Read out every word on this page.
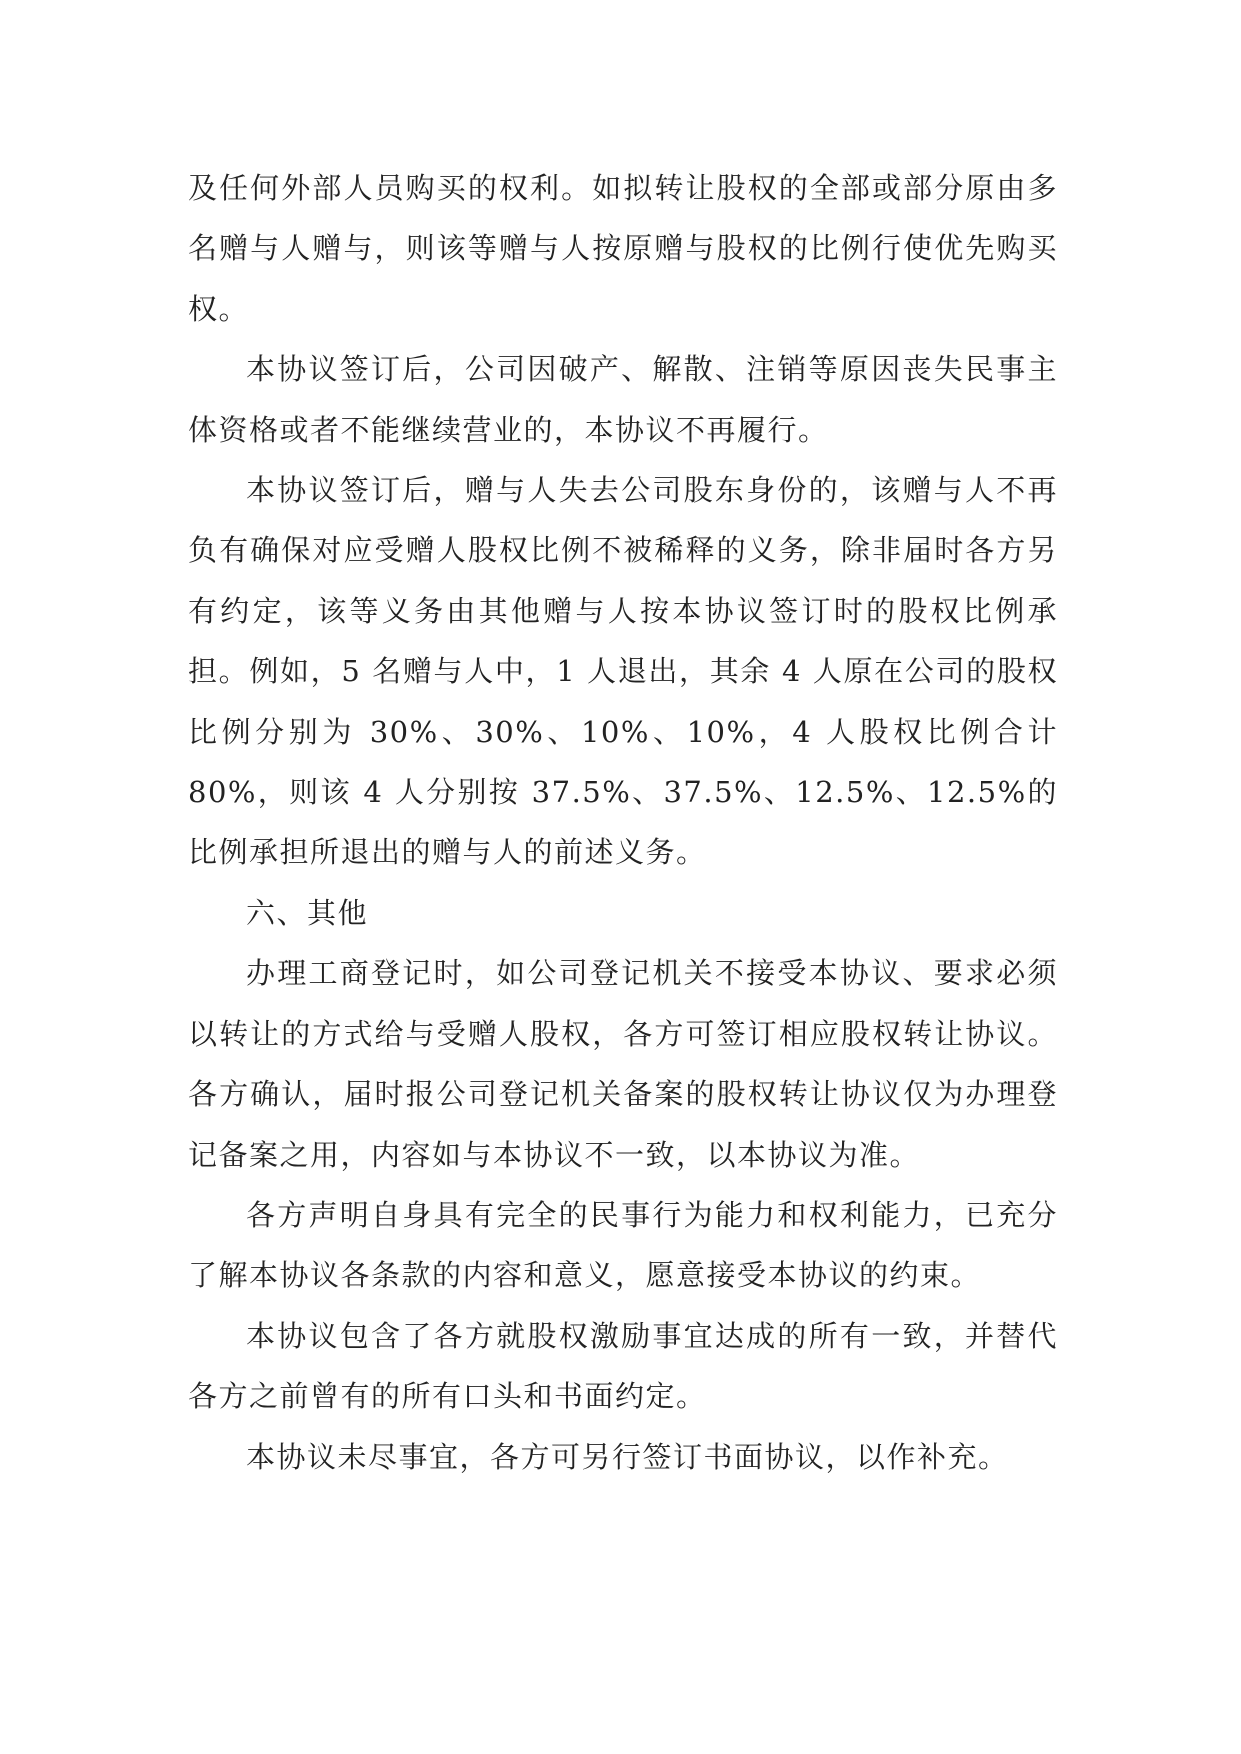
及任何外部人员购买的权利。如拟转让股权的全部或部分原由多名赠与人赠与，则该等赠与人按原赠与股权的比例行使优先购买权。

本协议签订后，公司因破产、解散、注销等原因丧失民事主体资格或者不能继续营业的，本协议不再履行。

本协议签订后，赠与人失去公司股东身份的，该赠与人不再负有确保对应受赠人股权比例不被稀释的义务，除非届时各方另有约定，该等义务由其他赠与人按本协议签订时的股权比例承担。例如，5 名赠与人中，1 人退出，其余 4 人原在公司的股权比例分别为 30%、30%、10%、10%，4 人股权比例合计 80%，则该 4 人分别按 37.5%、37.5%、12.5%、12.5%的比例承担所退出的赠与人的前述义务。

六、其他

办理工商登记时，如公司登记机关不接受本协议、要求必须以转让的方式给与受赠人股权，各方可签订相应股权转让协议。各方确认，届时报公司登记机关备案的股权转让协议仅为办理登记备案之用，内容如与本协议不一致，以本协议为准。

各方声明自身具有完全的民事行为能力和权利能力，已充分了解本协议各条款的内容和意义，愿意接受本协议的约束。

本协议包含了各方就股权激励事宜达成的所有一致，并替代各方之前曾有的所有口头和书面约定。

本协议未尽事宜，各方可另行签订书面协议，以作补充。
